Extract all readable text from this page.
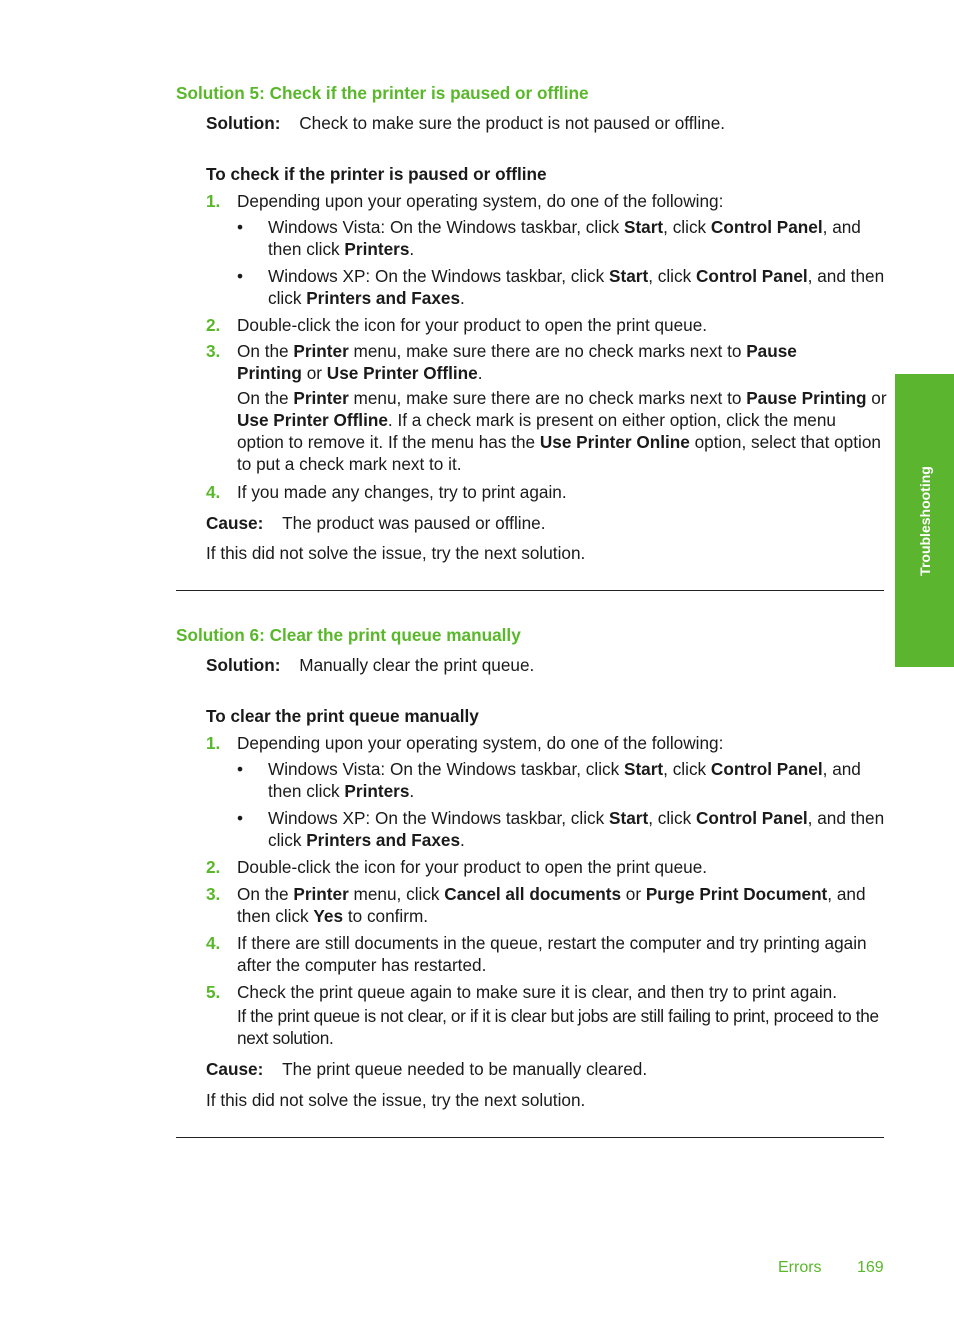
Troubleshooting
Solution 5: Check if the printer is paused or offline
Solution: Check to make sure the product is not paused or offline.
To check if the printer is paused or offline
1. Depending upon your operating system, do one of the following:
• Windows Vista: On the Windows taskbar, click Start, click Control Panel, and then click Printers.
• Windows XP: On the Windows taskbar, click Start, click Control Panel, and then click Printers and Faxes.
2. Double-click the icon for your product to open the print queue.
3. On the Printer menu, make sure there are no check marks next to Pause Printing or Use Printer Offline.
On the Printer menu, make sure there are no check marks next to Pause Printing or Use Printer Offline. If a check mark is present on either option, click the menu option to remove it. If the menu has the Use Printer Online option, select that option to put a check mark next to it.
4. If you made any changes, try to print again.
Cause: The product was paused or offline.
If this did not solve the issue, try the next solution.
Solution 6: Clear the print queue manually
Solution: Manually clear the print queue.
To clear the print queue manually
1. Depending upon your operating system, do one of the following:
• Windows Vista: On the Windows taskbar, click Start, click Control Panel, and then click Printers.
• Windows XP: On the Windows taskbar, click Start, click Control Panel, and then click Printers and Faxes.
2. Double-click the icon for your product to open the print queue.
3. On the Printer menu, click Cancel all documents or Purge Print Document, and then click Yes to confirm.
4. If there are still documents in the queue, restart the computer and try printing again after the computer has restarted.
5. Check the print queue again to make sure it is clear, and then try to print again.
If the print queue is not clear, or if it is clear but jobs are still failing to print, proceed to the next solution.
Cause: The print queue needed to be manually cleared.
If this did not solve the issue, try the next solution.
Errors 169
